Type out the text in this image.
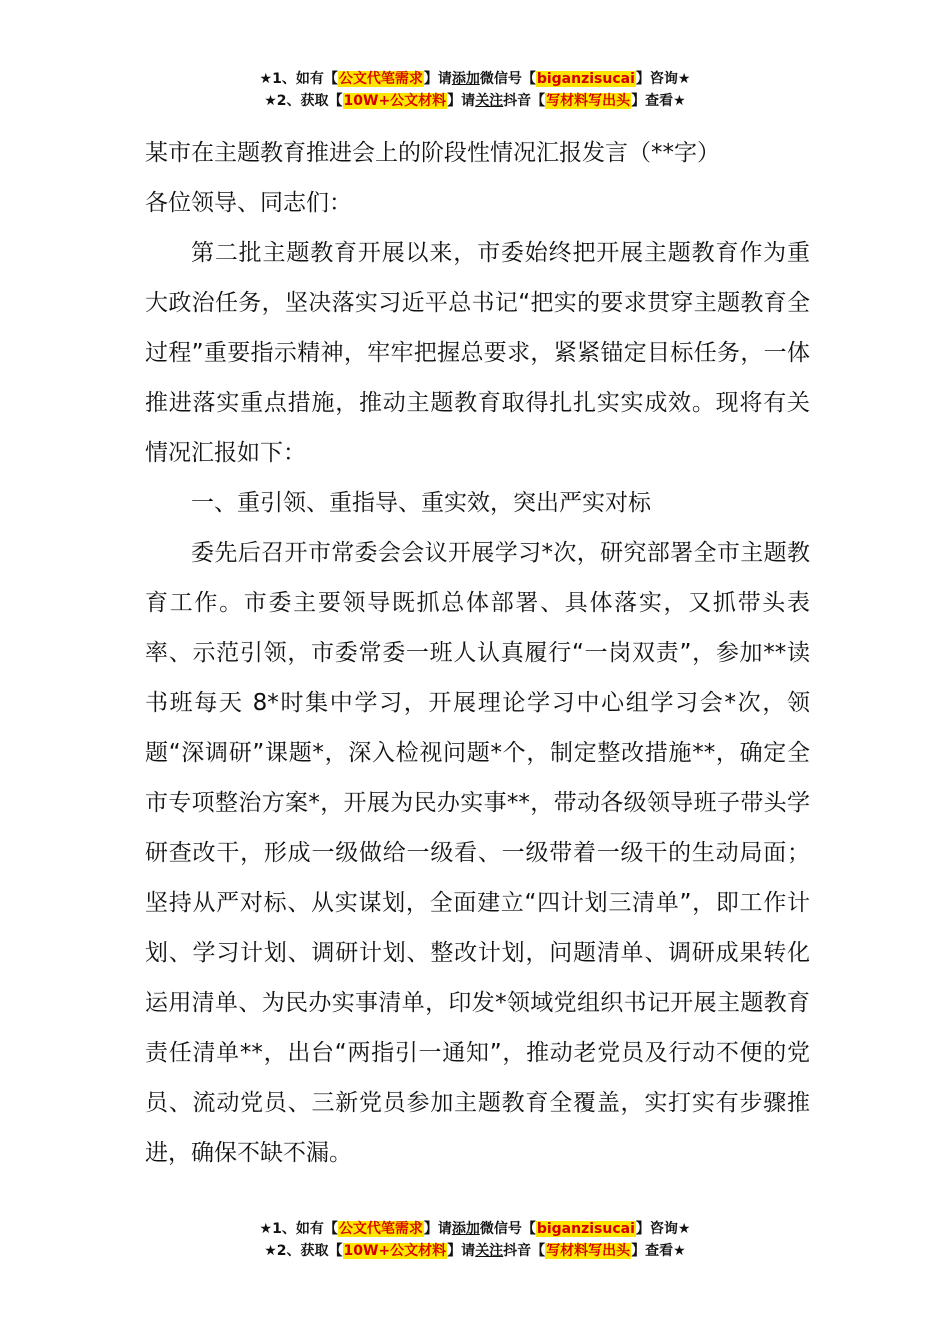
★1、如有【公文代笔需求】请添加微信号【biganzisucai】咨询★
★2、获取【10W+公文材料】请关注抖音【写材料写出头】查看★

某市在主题教育推进会上的阶段性情况汇报发言（**字）

各位领导、同志们：

第二批主题教育开展以来，市委始终把开展主题教育作为重大政治任务，坚决落实习近平总书记“把实的要求贯穿主题教育全过程”重要指示精神，牢牢把握总要求，紧紧锚定目标任务，一体推进落实重点措施，推动主题教育取得扎扎实实成效。现将有关情况汇报如下：

一、重引领、重指导、重实效，突出严实对标

委先后召开市常委会会议开展学习*次，研究部署全市主题教育工作。市委主要领导既抓总体部署、具体落实，又抓带头表率、示范引领，市委常委一班人认真履行“一岗双责”，参加**读书班每天 8*时集中学习，开展理论学习中心组学习会*次，领题“深调研”课题*，深入检视问题*个，制定整改措施**，确定全市专项整治方案*，开展为民办实事**，带动各级领导班子带头学研查改干，形成一级做给一级看、一级带着一级干的生动局面；坚持从严对标、从实谋划，全面建立“四计划三清单”，即工作计划、学习计划、调研计划、整改计划，问题清单、调研成果转化运用清单、为民办实事清单，印发*领域党组织书记开展主题教育责任清单**，出台“两指引一通知”，推动老党员及行动不便的党员、流动党员、三新党员参加主题教育全覆盖，实打实有步骤推进，确保不缺不漏。

★1、如有【公文代笔需求】请添加微信号【biganzisucai】咨询★
★2、获取【10W+公文材料】请关注抖音【写材料写出头】查看★
